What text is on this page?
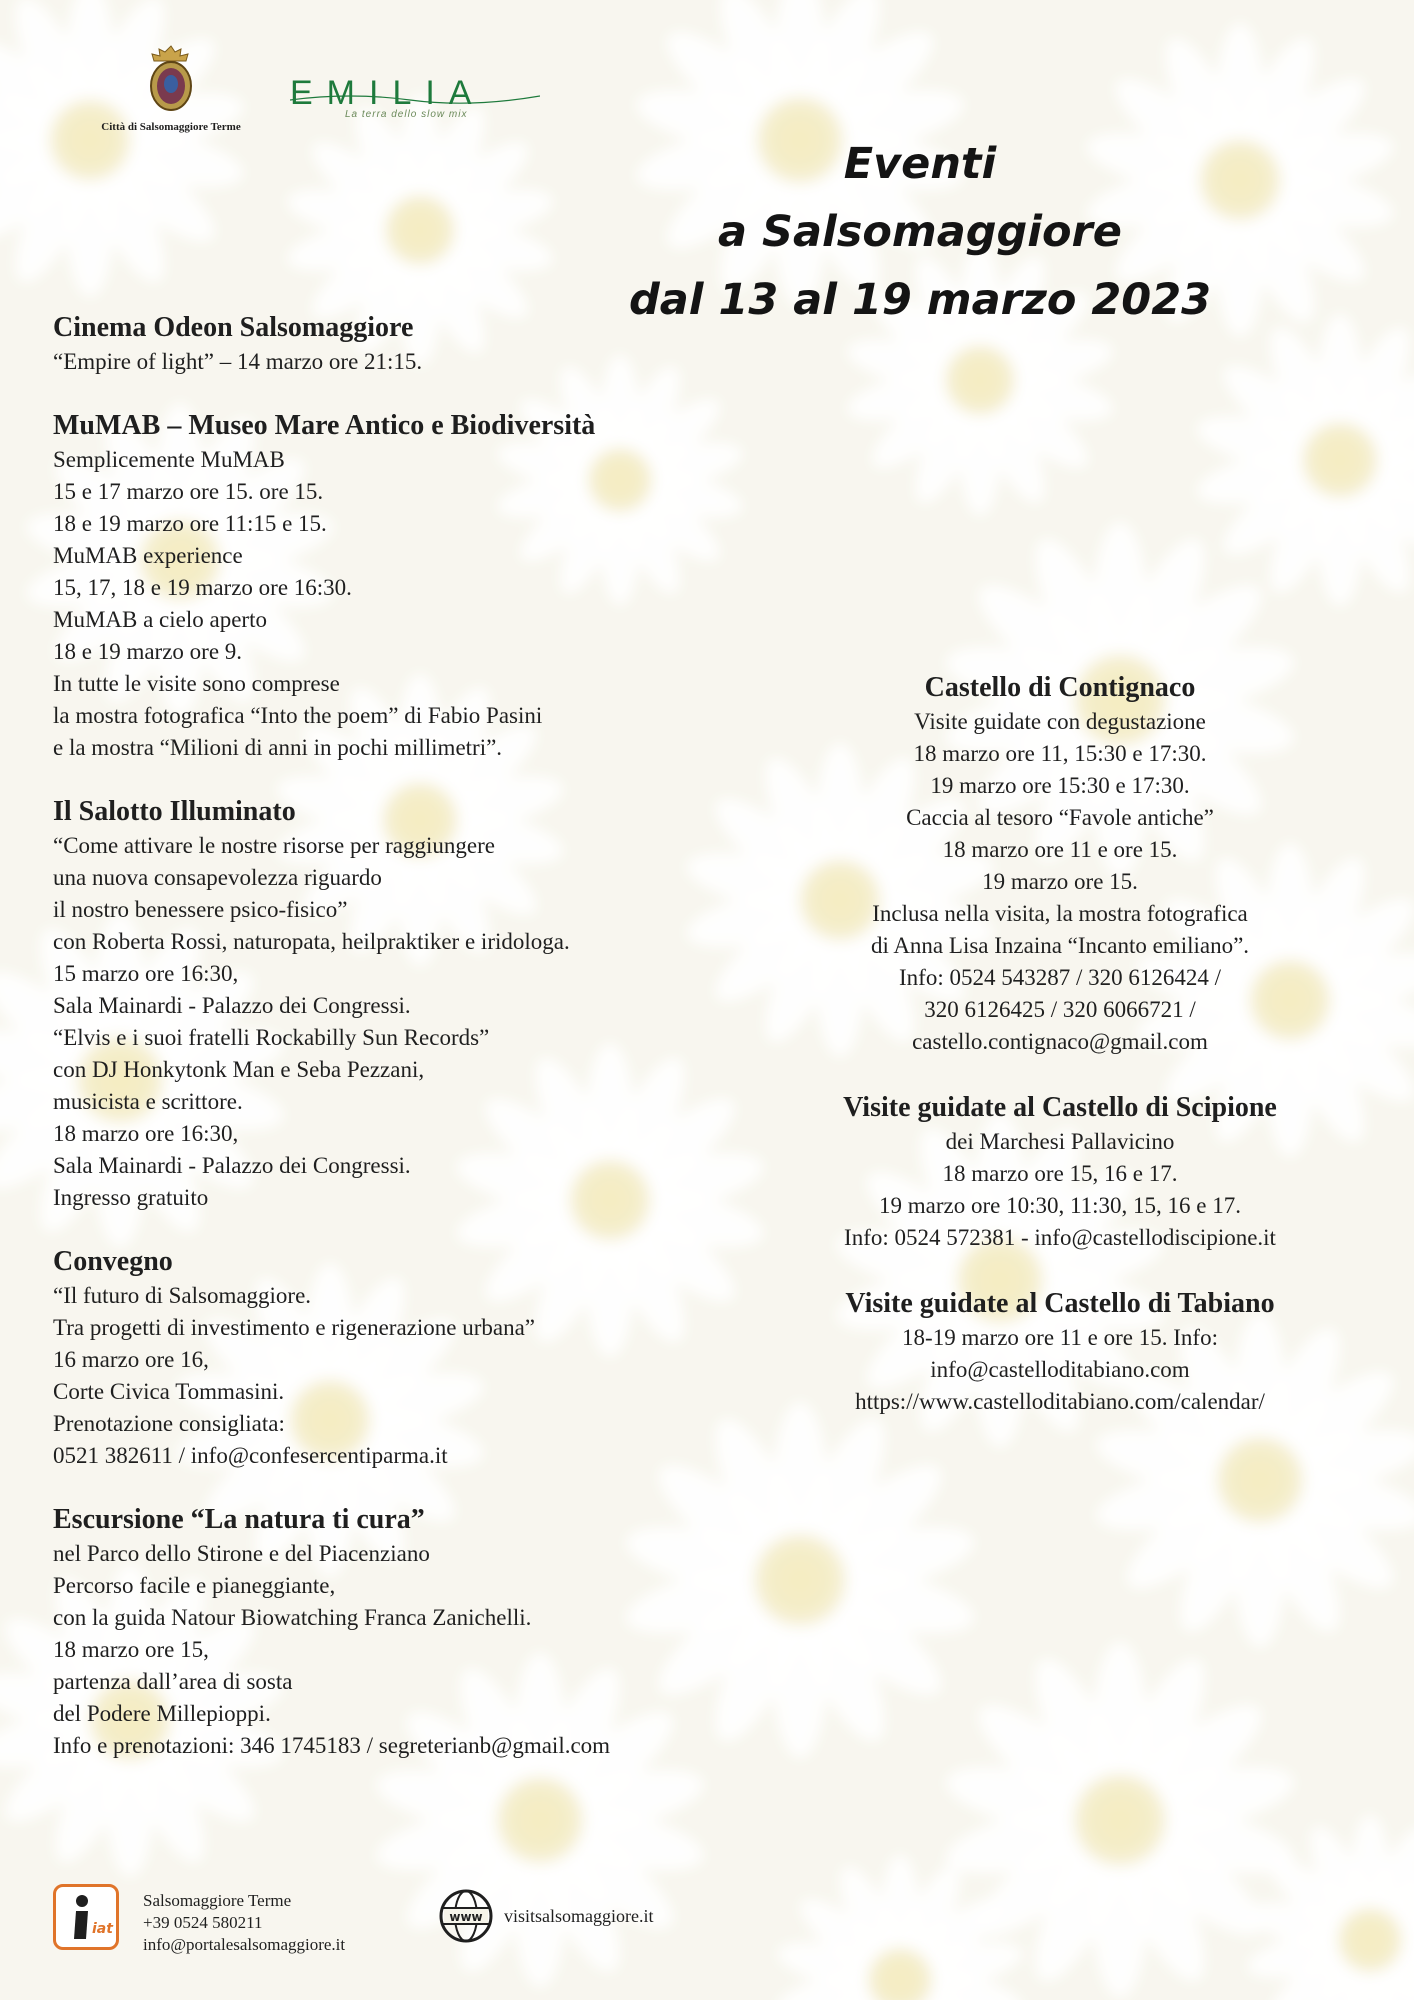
Città di Salsomaggiore Terme
EMILIA
La terra dello slow mix
Eventi
a Salsomaggiore
dal 13 al 19 marzo 2023
Cinema Odeon Salsomaggiore
“Empire of light” – 14 marzo ore 21:15.
MuMAB – Museo Mare Antico e Biodiversità
Semplicemente MuMAB
15 e 17 marzo ore 15. ore 15.
18 e 19 marzo ore 11:15 e 15.
MuMAB experience
15, 17, 18 e 19 marzo ore 16:30.
MuMAB a cielo aperto
18 e 19 marzo ore 9.
In tutte le visite sono comprese
la mostra fotografica “Into the poem” di Fabio Pasini
e la mostra “Milioni di anni in pochi millimetri”.
Il Salotto Illuminato
“Come attivare le nostre risorse per raggiungere
una nuova consapevolezza riguardo
il nostro benessere psico-fisico”
con Roberta Rossi, naturopata, heilpraktiker e iridologa.
15 marzo ore 16:30,
Sala Mainardi - Palazzo dei Congressi.
“Elvis e i suoi fratelli Rockabilly Sun Records”
con DJ Honkytonk Man e Seba Pezzani,
musicista e scrittore.
18 marzo ore 16:30,
Sala Mainardi - Palazzo dei Congressi.
Ingresso gratuito
Convegno
“Il futuro di Salsomaggiore.
Tra progetti di investimento e rigenerazione urbana”
16 marzo ore 16,
Corte Civica Tommasini.
Prenotazione consigliata:
0521 382611 / info@confesercentiparma.it
Escursione “La natura ti cura”
nel Parco dello Stirone e del Piacenziano
Percorso facile e pianeggiante,
con la guida Natour Biowatching Franca Zanichelli.
18 marzo ore 15,
partenza dall’area di sosta
del Podere Millepioppi.
Info e prenotazioni: 346 1745183 / segreterianb@gmail.com
Castello di Contignaco
Visite guidate con degustazione
18 marzo ore 11, 15:30 e 17:30.
19 marzo ore 15:30 e 17:30.
Caccia al tesoro “Favole antiche”
18 marzo ore 11 e ore 15.
19 marzo ore 15.
Inclusa nella visita, la mostra fotografica
di Anna Lisa Inzaina “Incanto emiliano”.
Info: 0524 543287 / 320 6126424 /
320 6126425 / 320 6066721 /
castello.contignaco@gmail.com
Visite guidate al Castello di Scipione
dei Marchesi Pallavicino
18 marzo ore 15, 16 e 17.
19 marzo ore 10:30, 11:30, 15, 16 e 17.
Info: 0524 572381 - info@castellodiscipione.it
Visite guidate al Castello di Tabiano
18-19 marzo ore 11 e ore 15. Info:
info@castelloditabiano.com
https://www.castelloditabiano.com/calendar/
iat
Salsomaggiore Terme
+39 0524 580211
info@portalesalsomaggiore.it
www visitsalsomaggiore.it
